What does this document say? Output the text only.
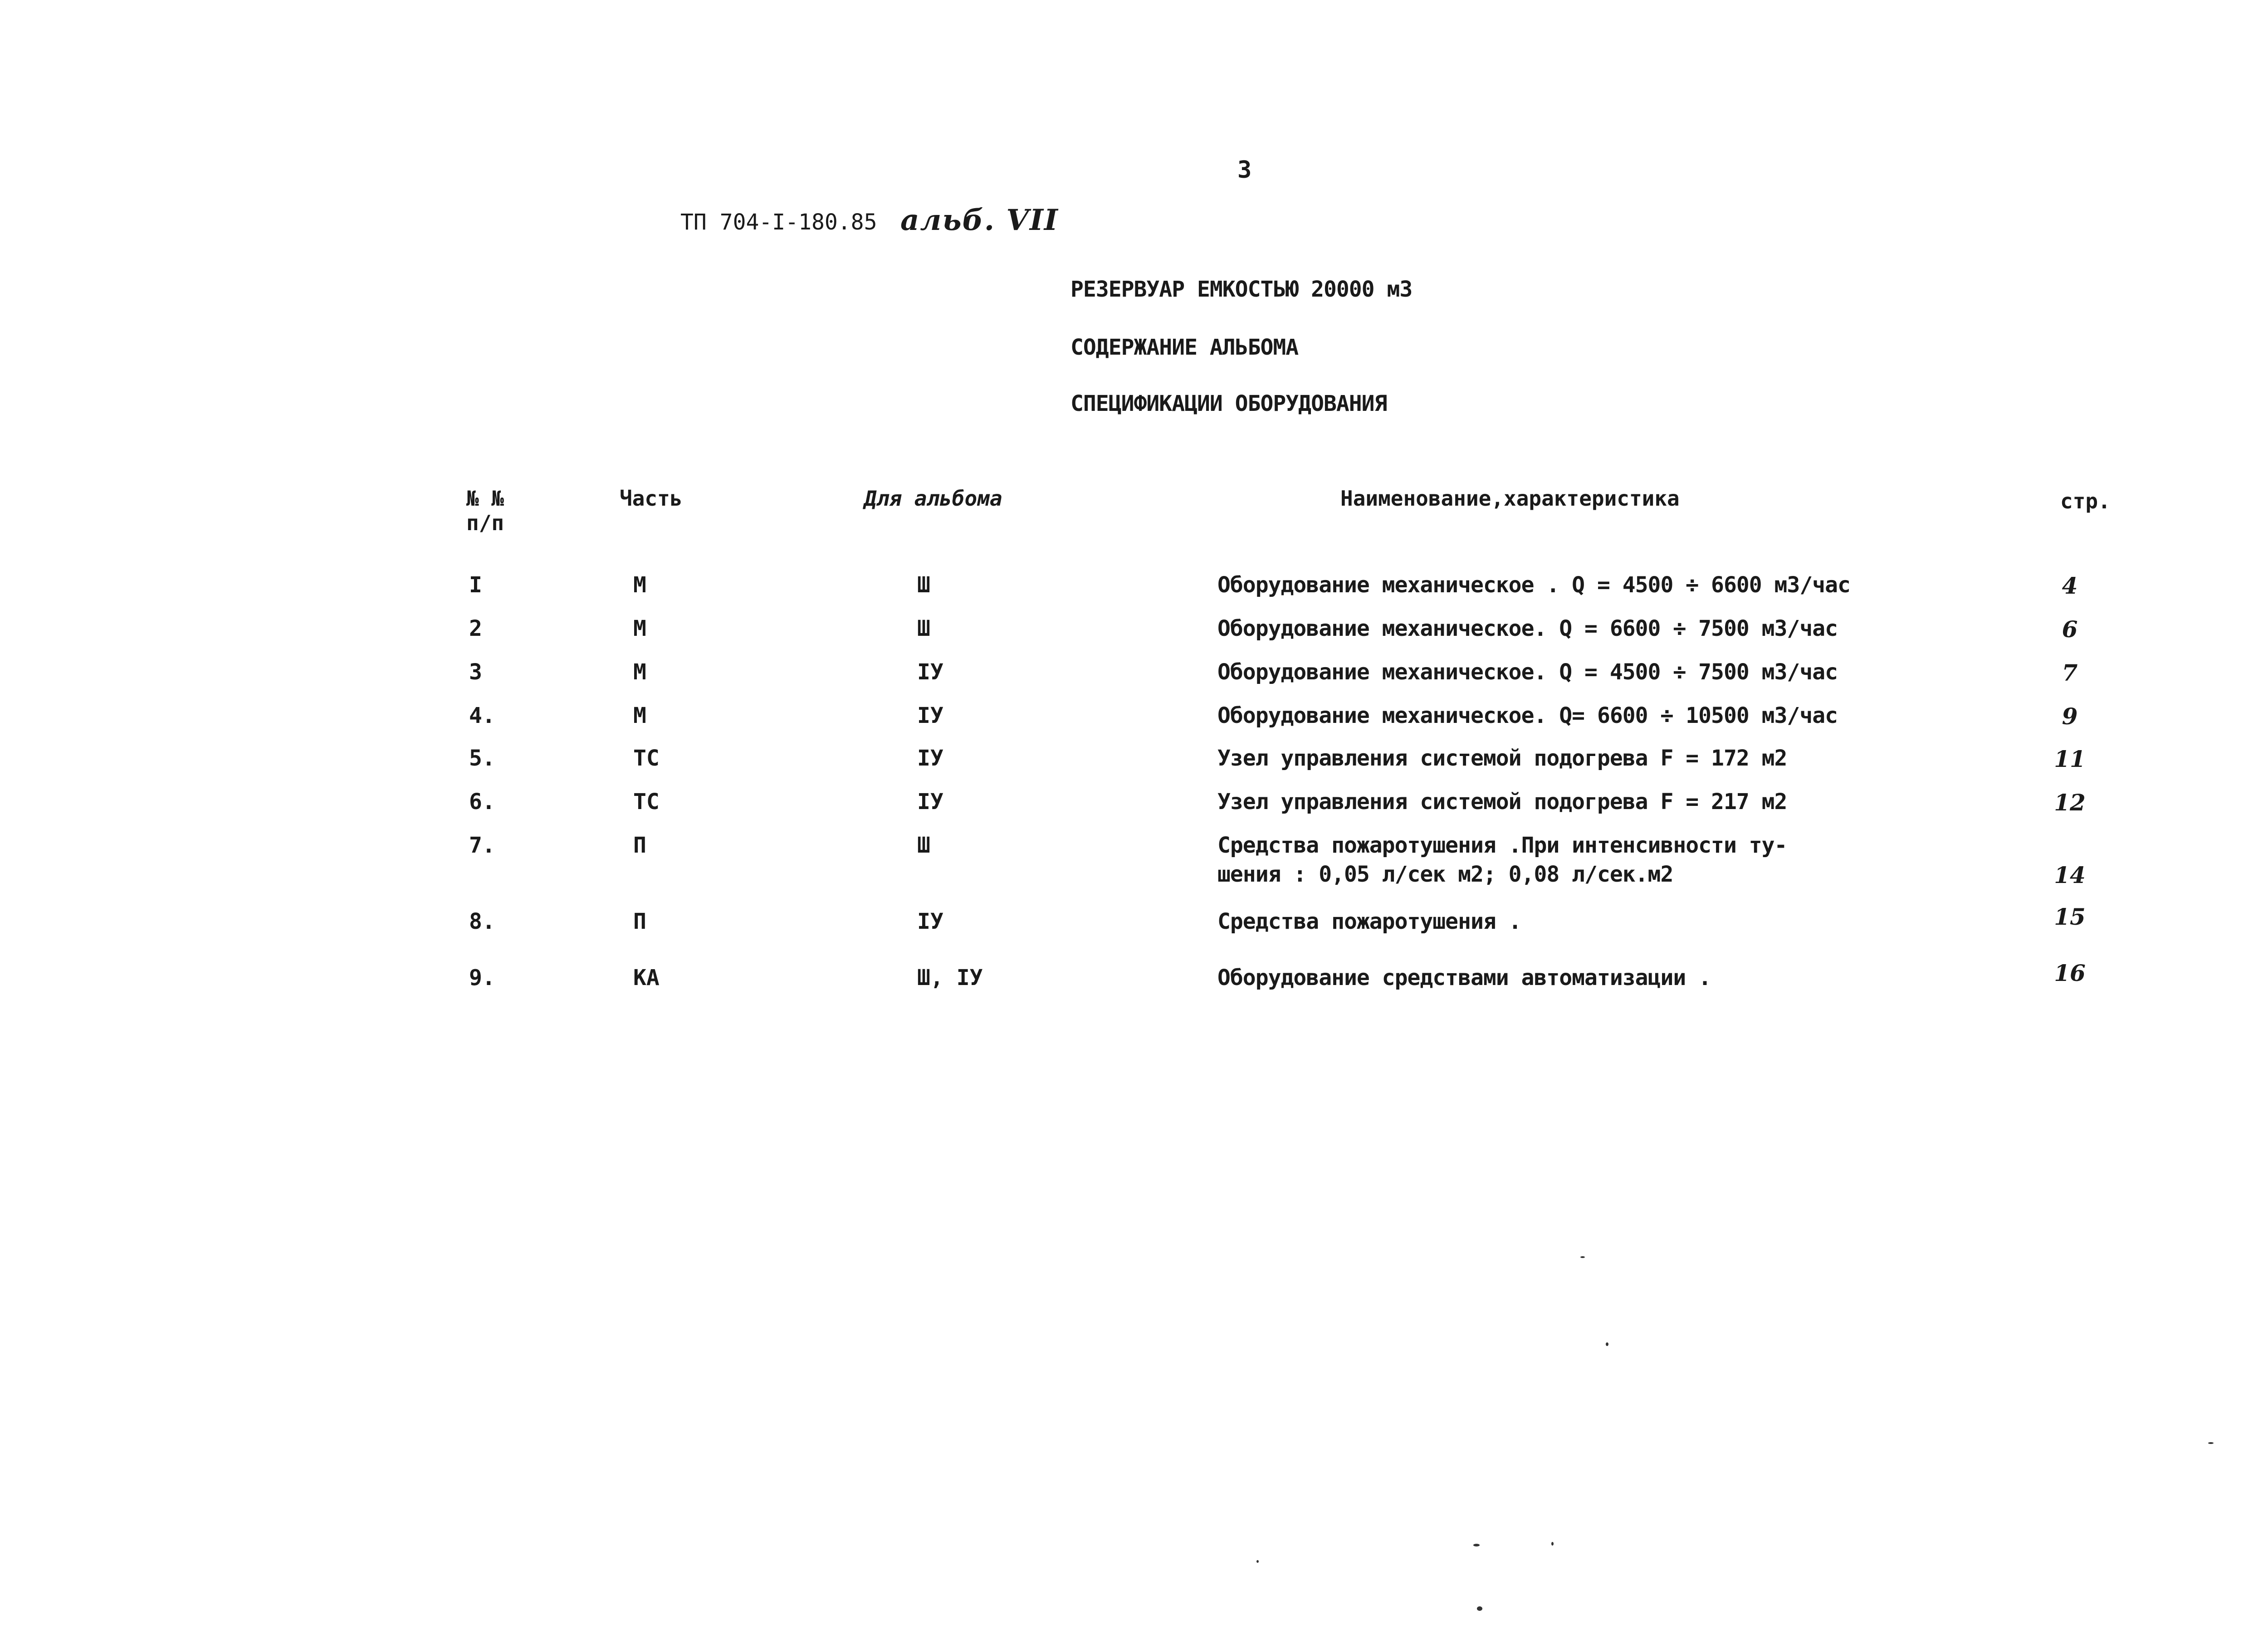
3
ТП 704-I-180.85 альб. VII
РЕЗЕРВУАР ЕМКОСТЬЮ 20000 м3
СОДЕРЖАНИЕ АЛЬБОМА
СПЕЦИФИКАЦИИ ОБОРУДОВАНИЯ
№ №
п/п
Часть	Для альбома	Наименование,характеристика	стр.
I	М	Ш	Оборудование механическое . Q = 4500 ÷ 6600 м3/час	4
2	М	Ш	Оборудование механическое. Q = 6600 ÷ 7500 м3/час	6
3	М	IУ	Оборудование механическое. Q = 4500 ÷ 7500 м3/час	7
4.	М	IУ	Оборудование механическое. Q= 6600 ÷ 10500 м3/час	9
5.	ТС	IУ	Узел управления системой подогрева F = 172 м2	11
6.	ТС	IУ	Узел управления системой подогрева F = 217 м2	12
7.	П	Ш	Средства пожаротушения .При интенсивности ту-
шения : 0,05 л/сек м2; 0,08 л/сек.м2	14
8.	П	IУ	Средства пожаротушения .	15
9.	КА	Ш, IУ	Оборудование средствами автоматизации .	16
